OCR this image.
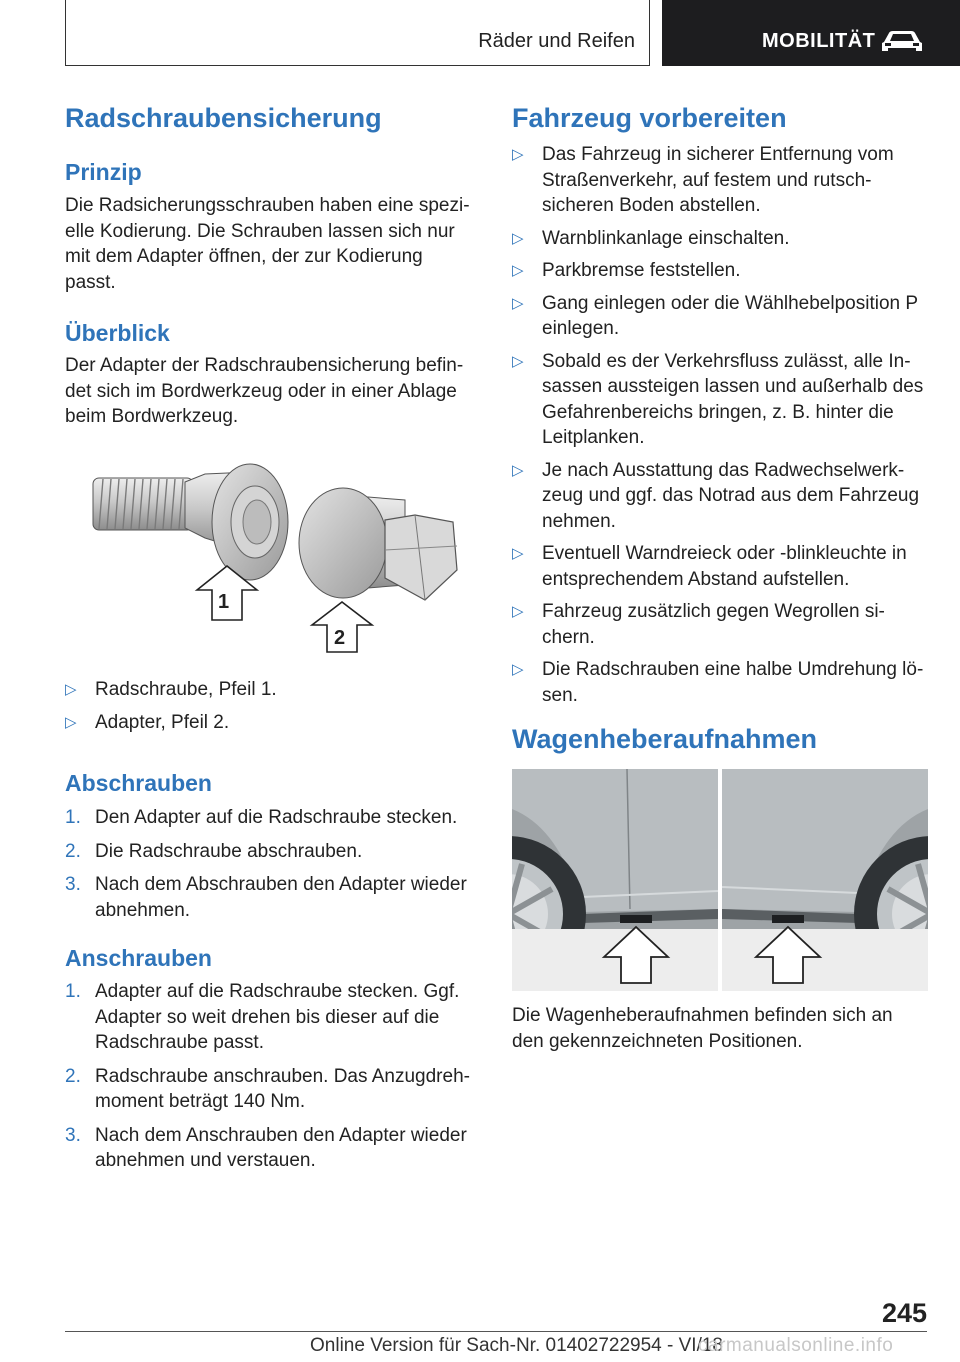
Räder und Reifen	MOBILITÄT
Radschraubensicherung
Prinzip
Die Radsicherungsschrauben haben eine spezi-
elle Kodierung. Die Schrauben lassen sich nur
mit dem Adapter öffnen, der zur Kodierung
passt.
Überblick
Der Adapter der Radschraubensicherung befin-
det sich im Bordwerkzeug oder in einer Ablage
beim Bordwerkzeug.
1
2
▷ Radschraube, Pfeil 1.
▷ Adapter, Pfeil 2.
Abschrauben
1. Den Adapter auf die Radschraube stecken.
2. Die Radschraube abschrauben.
3. Nach dem Abschrauben den Adapter wieder
abnehmen.
Anschrauben
1. Adapter auf die Radschraube stecken. Ggf.
Adapter so weit drehen bis dieser auf die
Radschraube passt.
2. Radschraube anschrauben. Das Anzugdreh-
moment beträgt 140 Nm.
3. Nach dem Anschrauben den Adapter wieder
abnehmen und verstauen.
Fahrzeug vorbereiten
▷ Das Fahrzeug in sicherer Entfernung vom
Straßenverkehr, auf festem und rutsch-
sicheren Boden abstellen.
▷ Warnblinkanlage einschalten.
▷ Parkbremse feststellen.
▷ Gang einlegen oder die Wählhebelposition P
einlegen.
▷ Sobald es der Verkehrsfluss zulässt, alle In-
sassen aussteigen lassen und außerhalb des
Gefahrenbereichs bringen, z. B. hinter die
Leitplanken.
▷ Je nach Ausstattung das Radwechselwerk-
zeug und ggf. das Notrad aus dem Fahrzeug
nehmen.
▷ Eventuell Warndreieck oder -blinkleuchte in
entsprechendem Abstand aufstellen.
▷ Fahrzeug zusätzlich gegen Wegrollen si-
chern.
▷ Die Radschrauben eine halbe Umdrehung lö-
sen.
Wagenheberaufnahmen
Die Wagenheberaufnahmen befinden sich an
den gekennzeichneten Positionen.
245
Online Version für Sach-Nr. 01402722954 - VI/18
carmanualsonline.info
